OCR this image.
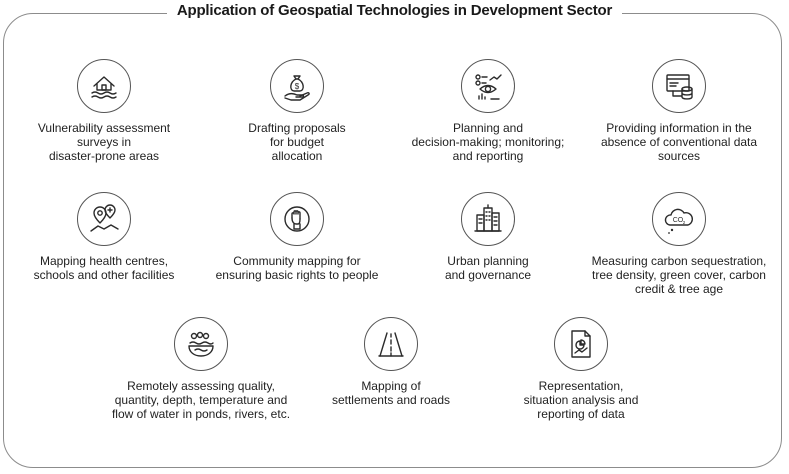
Application of Geospatial Technologies in Development Sector
Vulnerability assessment
surveys in
disaster-prone areas
$
Drafting proposals
for budget
allocation
Planning and
decision-making; monitoring;
and reporting
Providing information in the
absence of conventional data
sources
Mapping health centres,
schools and other facilities
Community mapping for
ensuring basic rights to people
Urban planning
and governance
CO 2
Measuring carbon sequestration,
tree density, green cover, carbon
credit & tree age
Remotely assessing quality,
quantity, depth, temperature and
flow of water in ponds, rivers, etc.
Mapping of
settlements and roads
Representation,
situation analysis and
reporting of data
